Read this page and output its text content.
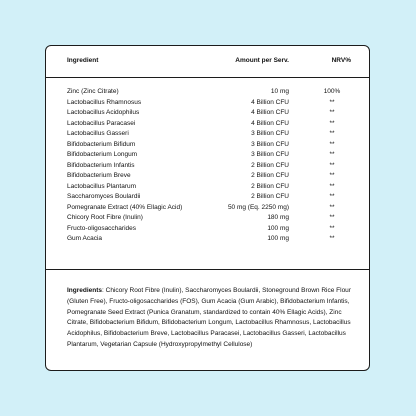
Ingredient	Amount per Serv.	NRV%
Zinc (Zinc Citrate)	10 mg	100%
Lactobacillus Rhamnosus	4 Billion CFU	**
Lactobacillus Acidophilus	4 Billion CFU	**
Lactobacillus Paracasei	4 Billion CFU	**
Lactobacillus Gasseri	3 Billion CFU	**
Bifidobacterium Bifidum	3 Billion CFU	**
Bifidobacterium Longum	3 Billion CFU	**
Bifidobacterium Infantis	2 Billion CFU	**
Bifidobacterium Breve	2 Billion CFU	**
Lactobacillus Plantarum	2 Billion CFU	**
Saccharomyces Boulardii	2 Billion CFU	**
Pomegranate Extract (40% Ellagic Acid)	50 mg (Eq. 2250 mg)	**
Chicory Root Fibre (Inulin)	180 mg	**
Fructo-oligosaccharides	100 mg	**
Gum Acacia	100 mg	**

Ingredients: Chicory Root Fibre (Inulin), Saccharomyces Boulardii, Stoneground Brown Rice Flour (Gluten Free), Fructo-oligosaccharides (FOS), Gum Acacia (Gum Arabic), Bifidobacterium Infantis, Pomegranate Seed Extract (Punica Granatum, standardized to contain 40% Ellagic Acids), Zinc Citrate, Bifidobacterium Bifidum, Bifidobacterium Longum, Lactobacillus Rhamnosus, Lactobacillus Acidophilus, Bifidobacterium Breve, Lactobacillus Paracasei, Lactobacillus Gasseri, Lactobacillus Plantarum, Vegetarian Capsule (Hydroxypropylmethyl Cellulose)
